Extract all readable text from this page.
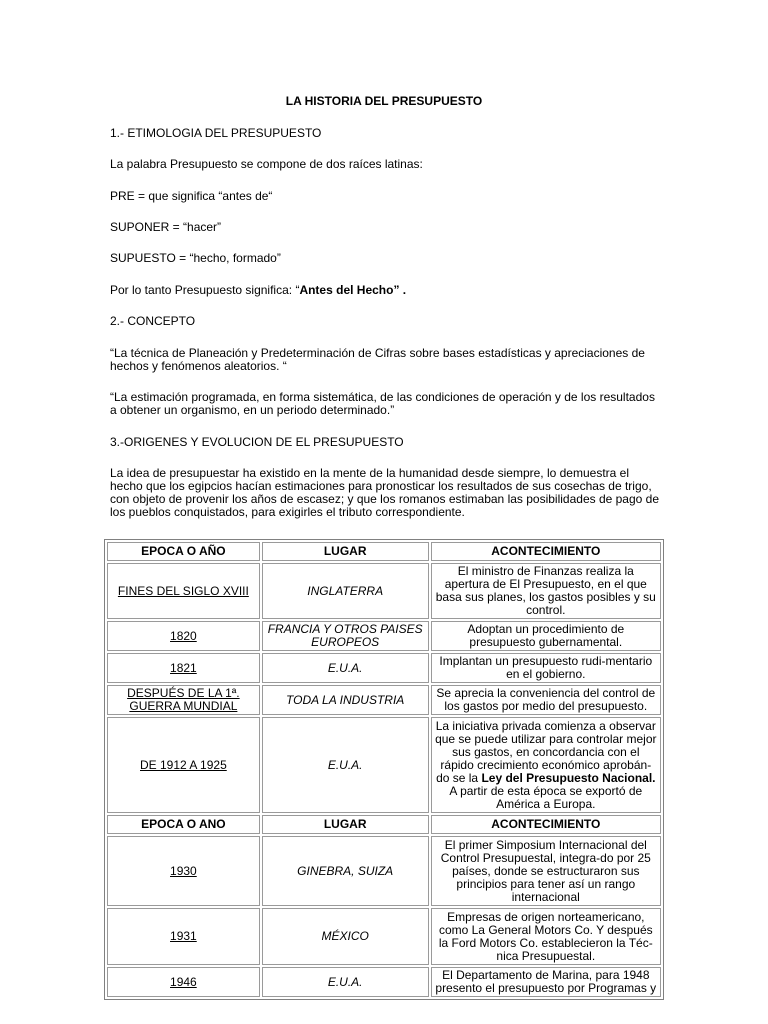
LA HISTORIA DEL PRESUPUESTO
1.- ETIMOLOGIA DEL PRESUPUESTO
La palabra Presupuesto se compone de dos raíces latinas:
PRE = que significa “antes de“
SUPONER = “hacer”
SUPUESTO = “hecho, formado”
Por lo tanto Presupuesto significa: “Antes del Hecho” .
2.- CONCEPTO
“La técnica de Planeación y Predeterminación de Cifras sobre bases estadísticas y apreciaciones de hechos y fenómenos aleatorios. “
“La estimación programada, en forma sistemática, de las condiciones de operación y de los resultados a obtener un organismo, en un periodo determinado.”
3.-ORIGENES Y EVOLUCION DE EL PRESUPUESTO
La idea de presupuestar ha existido en la mente de la humanidad desde siempre, lo demuestra el hecho que los egipcios hacían estimaciones para pronosticar los resultados de sus cosechas de trigo, con objeto de provenir los años de escasez; y que los romanos estimaban las posibilidades de pago de los pueblos conquistados, para exigirles el tributo correspondiente.
EPOCA O AÑO	LUGAR	ACONTECIMIENTO
FINES DEL SIGLO XVIII	INGLATERRA	El ministro de Finanzas realiza la apertura de El Presupuesto, en el que basa sus planes, los gastos posibles y su control.
1820	FRANCIA Y OTROS PAISES EUROPEOS	Adoptan un procedimiento de presupuesto gubernamental.
1821	E.U.A.	Implantan un presupuesto rudi-mentario en el gobierno.
DESPUÉS DE LA 1ª. GUERRA MUNDIAL	TODA LA INDUSTRIA	Se aprecia la conveniencia del control de los gastos por medio del presupuesto.
DE 1912 A 1925	E.U.A.	La iniciativa privada comienza a observar que se puede utilizar para controlar mejor sus gastos, en concordancia con el rápido crecimiento económico aprobán-do se la Ley del Presupuesto Nacional. A partir de esta época se exportó de América a Europa.
EPOCA O ANO	LUGAR	ACONTECIMIENTO
1930	GINEBRA, SUIZA	El primer Simposium Internacional del Control Presupuestal, integra-do por 25 países, donde se estructuraron sus principios para tener así un rango internacional
1931	MÉXICO	Empresas de origen norteamericano, como La General Motors Co. Y después la Ford Motors Co. establecieron la Téc-nica Presupuestal.
1946	E.U.A.	El Departamento de Marina, para 1948 presento el presupuesto por Programas y
